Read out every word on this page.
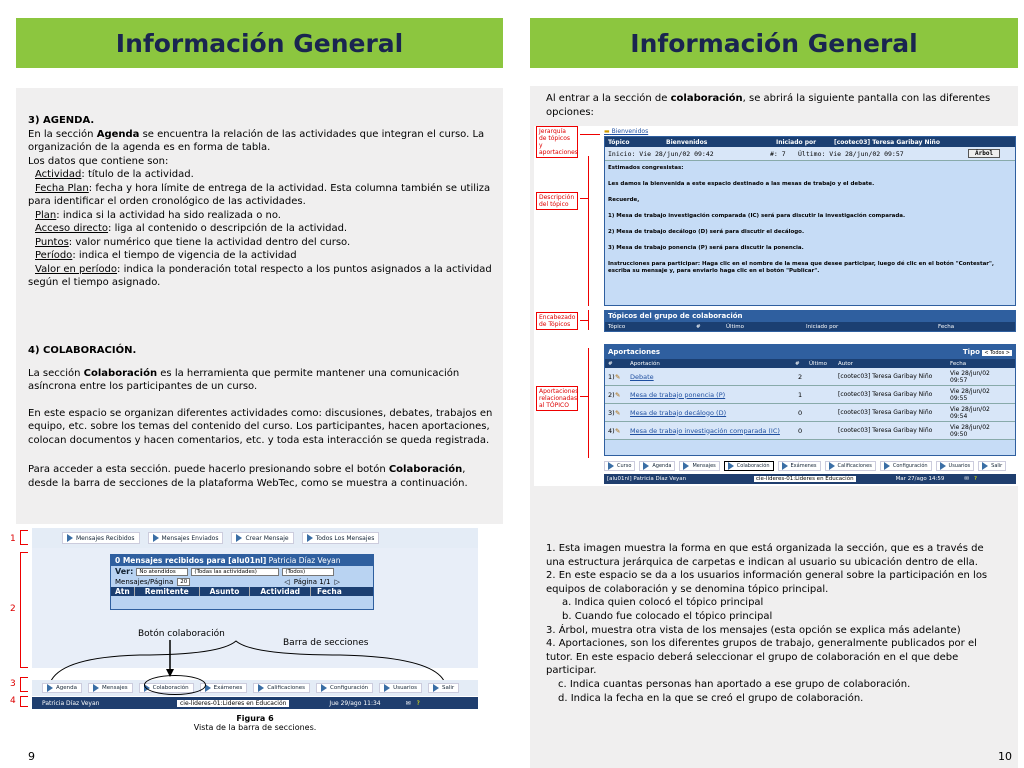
Información General

3) AGENDA.

En la sección Agenda se encuentra la relación de las actividades que integran el curso. La organización de la agenda es en forma de tabla.

Los datos que contiene son:

Actividad: título de la actividad.

Fecha Plan: fecha y hora límite de entrega de la actividad. Esta columna también se utiliza para identificar el orden cronológico de las actividades.

Plan: indica si la actividad ha sido realizada o no.

Acceso directo: liga al contenido o descripción de la actividad.

Puntos: valor numérico que tiene la actividad dentro del curso.

Período: indica el tiempo de vigencia de la actividad

Valor en período: indica la ponderación total respecto a los puntos asignados a la actividad según el tiempo asignado.

4) COLABORACIÓN.

La sección Colaboración es la herramienta que permite mantener una comunicación asíncrona entre los participantes de un curso.

En este espacio se organizan diferentes actividades como: discusiones, debates, trabajos en equipo, etc. sobre los temas del contenido del curso. Los participantes, hacen aportaciones, colocan documentos y hacen comentarios, etc. y toda esta interacción se queda registrada.

Para acceder a esta sección. puede hacerlo presionando sobre el botón Colaboración, desde la barra de secciones de la plataforma WebTec, como se muestra a continuación.

1
2
3
4
Mensajes Recibidos	Mensajes Enviados	Crear Mensaje	Todos Los Mensajes
0 Mensajes recibidos para [alu01nl] Patricia Díaz Veyan
Ver:	No atendidos	(Todas las actividades)	(Todos)
Mensajes/Página	20	◁ Página 1/1 ▷
Atn	Remitente	Asunto	Actividad	Fecha
Botón colaboración
Barra de secciones
Agenda	Mensajes	Colaboración	Exámenes	Calificaciones	Configuración	Usuarios	Salir
Patricia Díaz Veyan	cie-lideres-01:Lideres en Educación	Jue 29/ago 11:34	✉ ?
Figura 6
Vista de la barra de secciones.
9
Información General

Al entrar a la sección de colaboración, se abrirá la siguiente pantalla con las diferentes opciones:

Jerarquía de tópicos y aportaciones
Descripción del tópico
Encabezado de Tópicos
Aportaciones relacionadas al TÓPICO
▬ Bienvenidos
Tópico	Bienvenidos	Iniciado por	[cootec03] Teresa Garibay Niño
Inicio: Vie 28/jun/02 09:42	#: 7	Último: Vie 28/jun/02 09:57	Árbol

Estimados congresistas:

Les damos la bienvenida a este espacio destinado a las mesas de trabajo y el debate.

Recuerde,

1) Mesa de trabajo investigación comparada (IC) será para discutir la investigación comparada.

2) Mesa de trabajo decálogo (D) será para discutir el decálogo.

3) Mesa de trabajo ponencia (P) será para discutir la ponencia.

Instrucciones para participar: Haga clic en el nombre de la mesa que desee participar, luego dé clic en el botón "Contestar", escriba su mensaje y, para enviarlo haga clic en el botón "Publicar".

Tópicos del grupo de colaboración
Tópico	#	Último	Iniciado por	Fecha
Aportaciones	Tipo < Todos >
#	Aportación	#	Último	Autor	Fecha
1) ✎	Debate	2	[cootec03] Teresa Garibay Niño	Vie 28/jun/02 09:57
2) ✎	Mesa de trabajo ponencia (P)	1	[cootec03] Teresa Garibay Niño	Vie 28/jun/02 09:55
3) ✎	Mesa de trabajo decálogo (D)	0	[cootec03] Teresa Garibay Niño	Vie 28/jun/02 09:54
4) ✎	Mesa de trabajo investigación comparada (IC)	0	[cootec03] Teresa Garibay Niño	Vie 28/jun/02 09:50
Curso	Agenda	Mensajes	Colaboración	Exámenes	Calificaciones	Configuración	Usuarios	Salir
[alu01nl] Patricia Díaz Veyan	cie-lideres-01:Lideres en Educación	Mar 27/ago 14:59	✉ ?

1. Esta imagen muestra la forma en que está organizada la sección, que es a través de una estructura jerárquica de carpetas e indican al usuario su ubicación dentro de ella.

2. En este espacio se da a los usuarios información general sobre la participación en los equipos de colaboración y se denomina tópico principal.

a. Indica quien colocó el tópico principal

b. Cuando fue colocado el tópico principal

3. Árbol, muestra otra vista de los mensajes (esta opción se explica más adelante)

4. Aportaciones, son los diferentes grupos de trabajo, generalmente publicados por el tutor. En este espacio deberá seleccionar el grupo de colaboración en el que debe participar.

c. Indica cuantas personas han aportado a ese grupo de colaboración.

d. Indica la fecha en la que se creó el grupo de colaboración.

10
